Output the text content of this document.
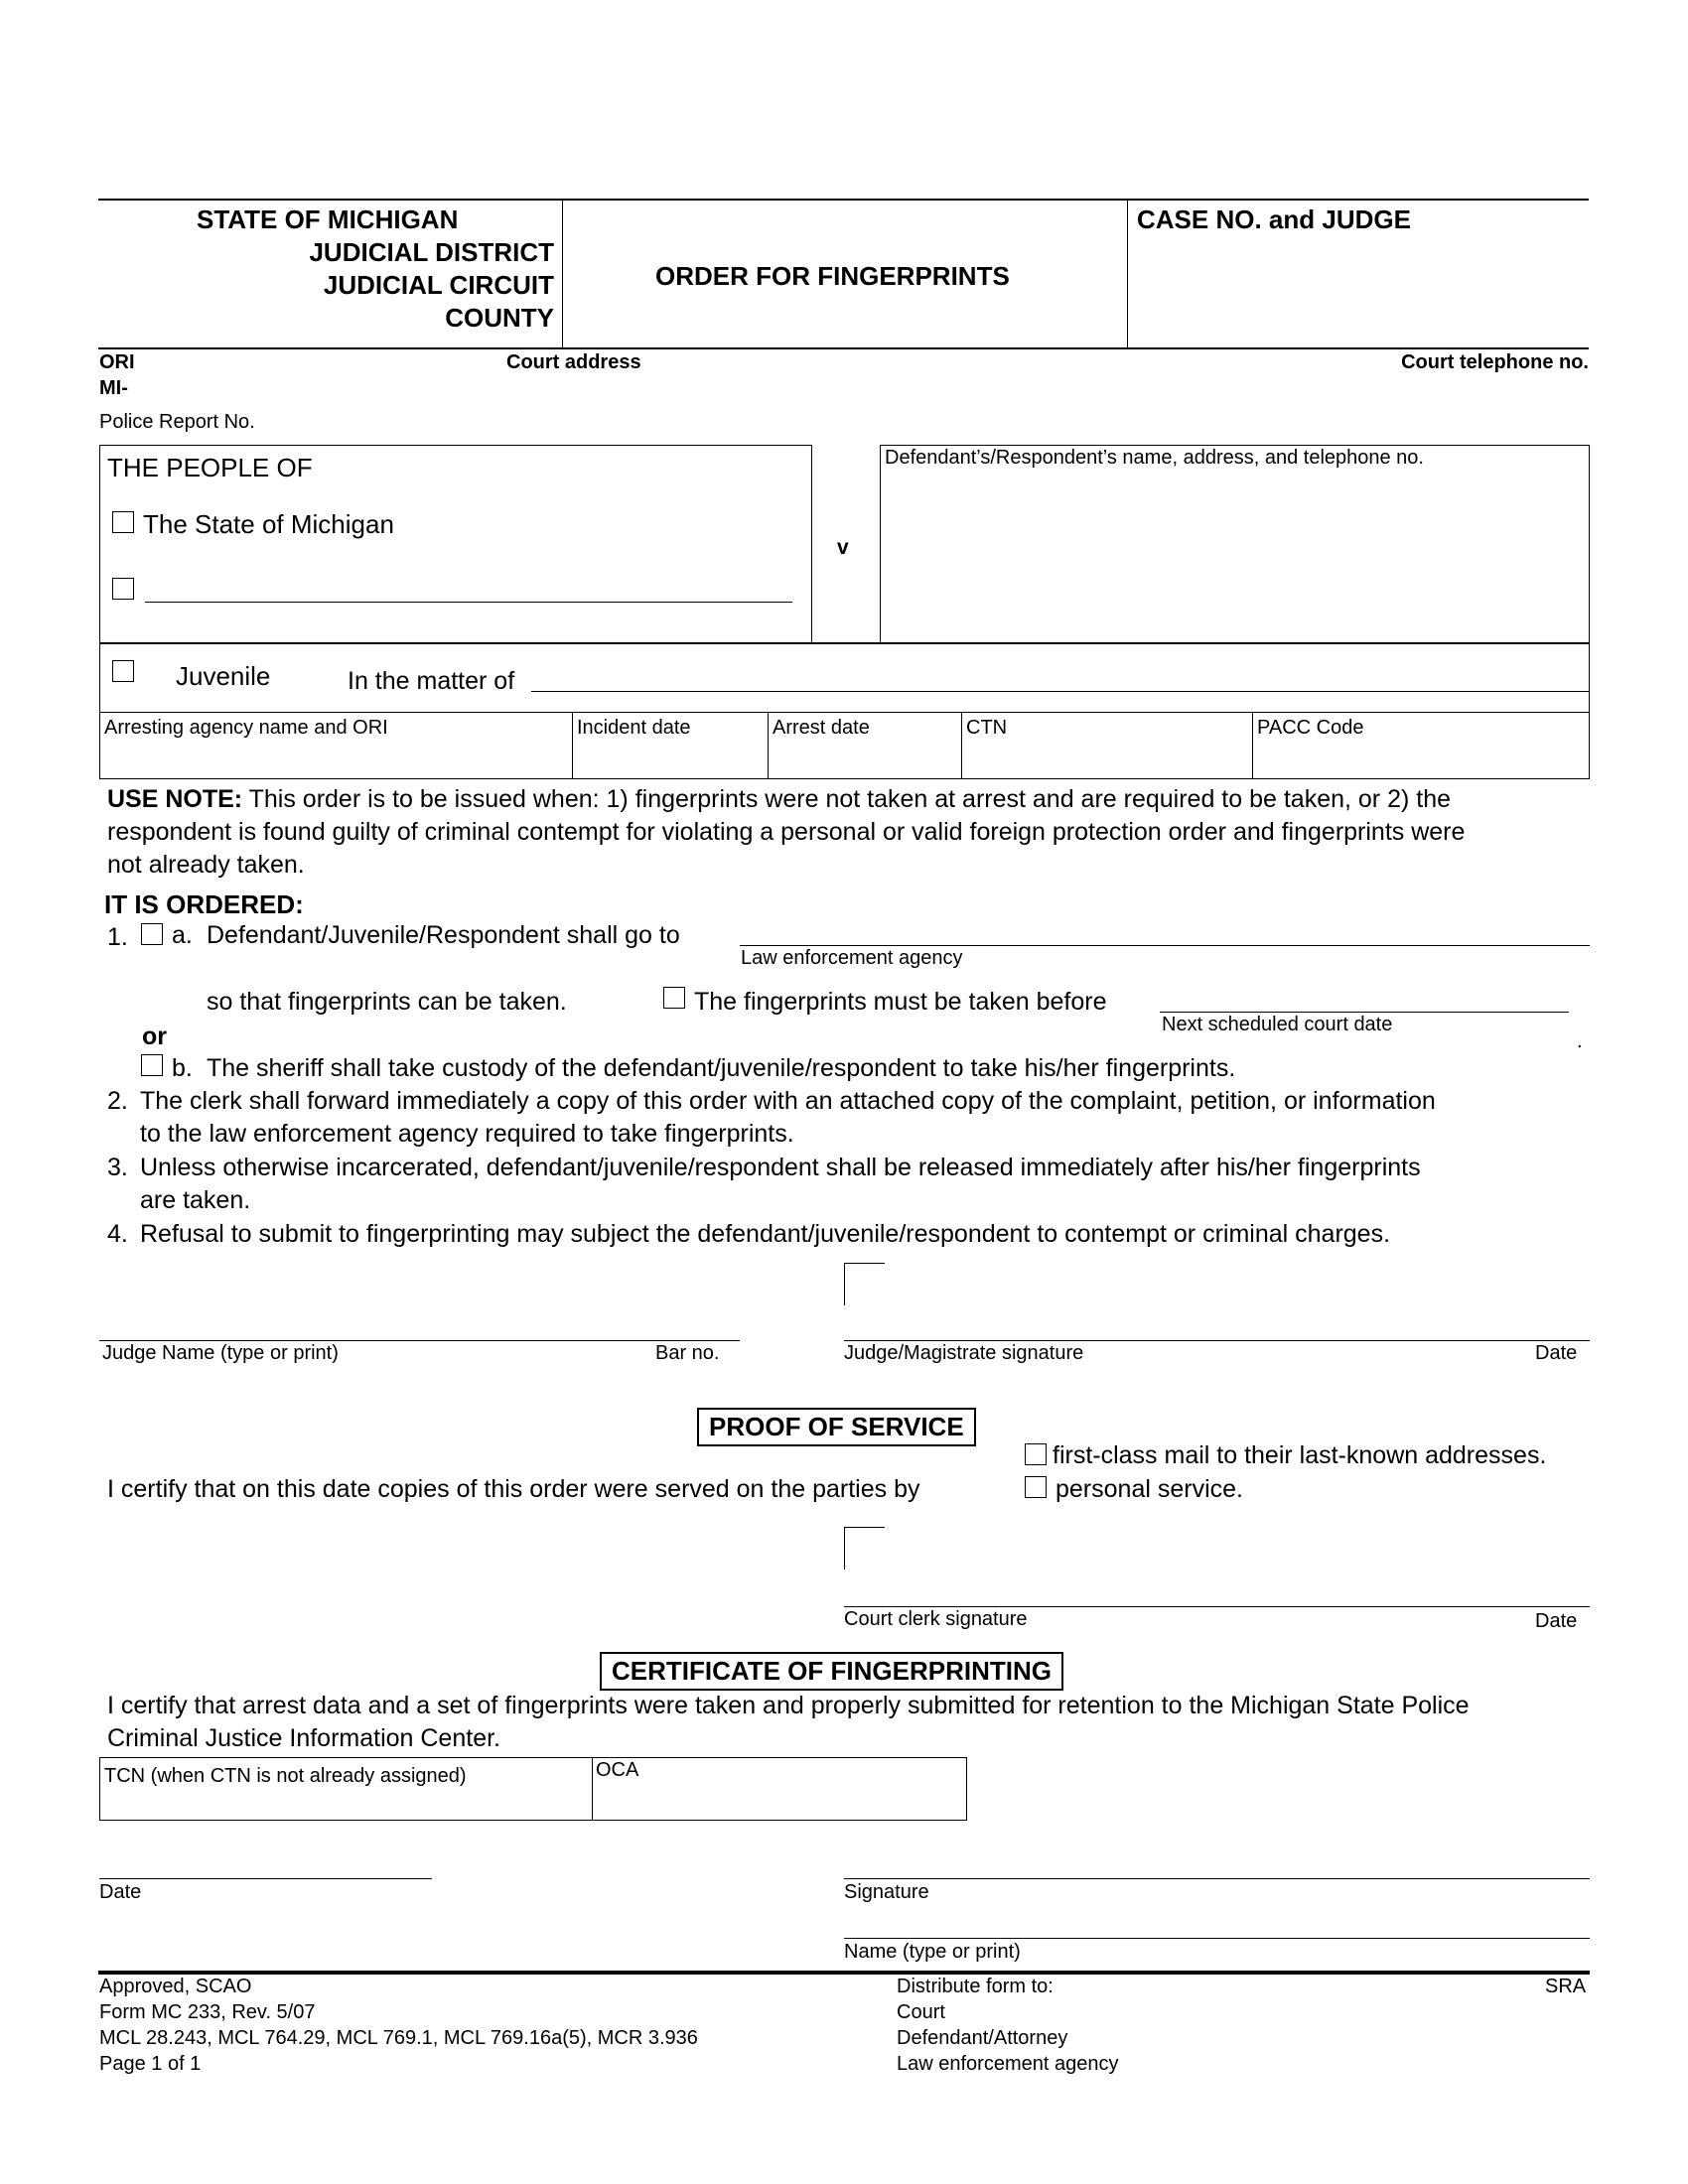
STATE OF MICHIGAN
JUDICIAL DISTRICT
JUDICIAL CIRCUIT
COUNTY
ORDER FOR FINGERPRINTS
CASE NO. and JUDGE
ORI
MI-
Court address	Court telephone no.
Police Report No.
THE PEOPLE OF
The State of Michigan
v
Defendant’s/Respondent’s name, address, and telephone no.
Juvenile	In the matter of
Arresting agency name and ORI	Incident date	Arrest date	CTN	PACC Code
USE NOTE: This order is to be issued when: 1) fingerprints were not taken at arrest and are required to be taken, or 2) the
respondent is found guilty of criminal contempt for violating a personal or valid foreign protection order and fingerprints were
not already taken.
IT IS ORDERED:
1. a. Defendant/Juvenile/Respondent shall go to
Law enforcement agency
so that fingerprints can be taken.	The fingerprints must be taken before
Next scheduled court date
.
or
b. The sheriff shall take custody of the defendant/juvenile/respondent to take his/her fingerprints.
2. The clerk shall forward immediately a copy of this order with an attached copy of the complaint, petition, or information
to the law enforcement agency required to take fingerprints.
3. Unless otherwise incarcerated, defendant/juvenile/respondent shall be released immediately after his/her fingerprints
are taken.
4. Refusal to submit to fingerprinting may subject the defendant/juvenile/respondent to contempt or criminal charges.
Judge Name (type or print)	Bar no.	Judge/Magistrate signature	Date
PROOF OF SERVICE
I certify that on this date copies of this order were served on the parties by
first-class mail to their last-known addresses.
personal service.
Court clerk signature	Date
CERTIFICATE OF FINGERPRINTING
I certify that arrest data and a set of fingerprints were taken and properly submitted for retention to the Michigan State Police
Criminal Justice Information Center.
TCN (when CTN is not already assigned)	OCA
Date	Signature
Name (type or print)
Approved, SCAO
Form MC 233, Rev. 5/07
MCL 28.243, MCL 764.29, MCL 769.1, MCL 769.16a(5), MCR 3.936
Page 1 of 1
Distribute form to:
Court
Defendant/Attorney
Law enforcement agency
SRA
